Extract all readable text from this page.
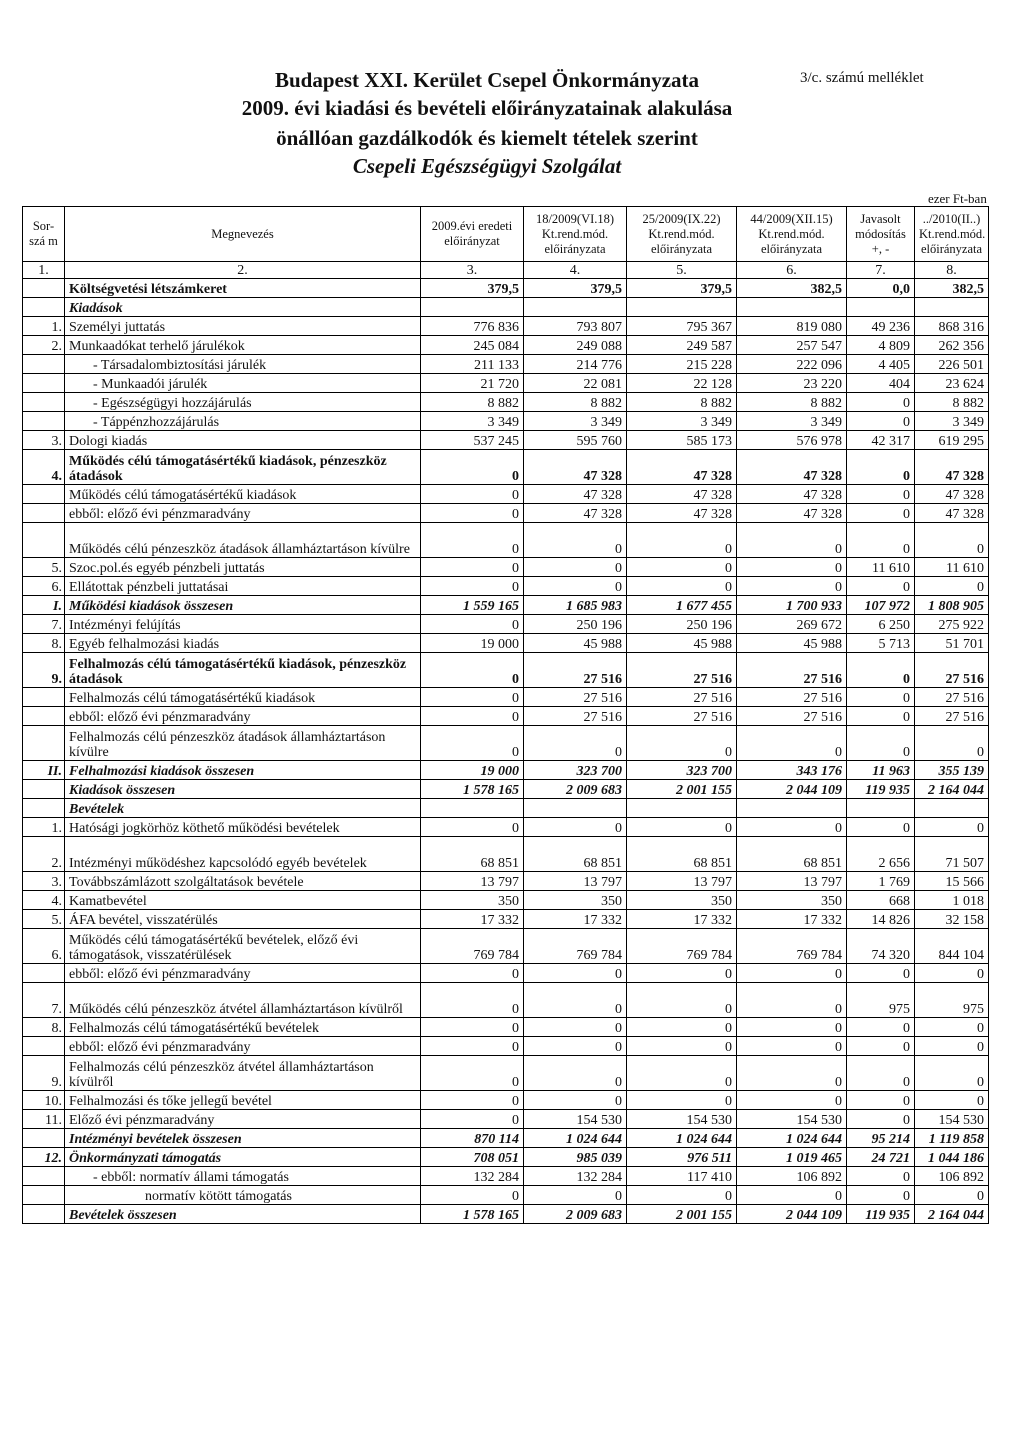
Budapest XXI. Kerület Csepel Önkormányzata
2009. évi kiadási és bevételi előirányzatainak alakulása
önállóan gazdálkodók és kiemelt tételek szerint
Csepeli Egészségügyi Szolgálat
3/c. számú melléklet
ezer Ft-ban
Sor-szá m	Megnevezés	2009.évi eredeti előirányzat	18/2009(VI.18) Kt.rend.mód. előirányzata	25/2009(IX.22) Kt.rend.mód. előirányzata	44/2009(XII.15) Kt.rend.mód. előirányzata	Javasolt módosítás +, -	../2010(II..) Kt.rend.mód. előirányzata
1.	2.	3.	4.	5.	6.	7.	8.
	Költségvetési létszámkeret	379,5	379,5	379,5	382,5	0,0	382,5
	Kiadások						
1.	Személyi juttatás	776 836	793 807	795 367	819 080	49 236	868 316
2.	Munkaadókat terhelő járulékok	245 084	249 088	249 587	257 547	4 809	262 356
	- Társadalombiztosítási járulék	211 133	214 776	215 228	222 096	4 405	226 501
	- Munkaadói járulék	21 720	22 081	22 128	23 220	404	23 624
	- Egészségügyi hozzájárulás	8 882	8 882	8 882	8 882	0	8 882
	- Táppénzhozzájárulás	3 349	3 349	3 349	3 349	0	3 349
3.	Dologi kiadás	537 245	595 760	585 173	576 978	42 317	619 295
4.	Működés célú támogatásértékű kiadások, pénzeszköz átadások	0	47 328	47 328	47 328	0	47 328
	Működés célú támogatásértékű kiadások	0	47 328	47 328	47 328	0	47 328
	ebből: előző évi pénzmaradvány	0	47 328	47 328	47 328	0	47 328
	Működés célú pénzeszköz átadások államháztartáson kívülre	0	0	0	0	0	0
5.	Szoc.pol.és egyéb pénzbeli juttatás	0	0	0	0	11 610	11 610
6.	Ellátottak pénzbeli juttatásai	0	0	0	0	0	0
I.	Működési kiadások összesen	1 559 165	1 685 983	1 677 455	1 700 933	107 972	1 808 905
7.	Intézményi felújítás	0	250 196	250 196	269 672	6 250	275 922
8.	Egyéb felhalmozási kiadás	19 000	45 988	45 988	45 988	5 713	51 701
9.	Felhalmozás célú támogatásértékű kiadások, pénzeszköz átadások	0	27 516	27 516	27 516	0	27 516
	Felhalmozás célú támogatásértékű kiadások	0	27 516	27 516	27 516	0	27 516
	ebből: előző évi pénzmaradvány	0	27 516	27 516	27 516	0	27 516
	Felhalmozás célú pénzeszköz átadások államháztartáson kívülre	0	0	0	0	0	0
II.	Felhalmozási kiadások összesen	19 000	323 700	323 700	343 176	11 963	355 139
	Kiadások összesen	1 578 165	2 009 683	2 001 155	2 044 109	119 935	2 164 044
	Bevételek						
1.	Hatósági jogkörhöz köthető működési bevételek	0	0	0	0	0	0
2.	Intézményi működéshez kapcsolódó egyéb bevételek	68 851	68 851	68 851	68 851	2 656	71 507
3.	Továbbszámlázott szolgáltatások bevétele	13 797	13 797	13 797	13 797	1 769	15 566
4.	Kamatbevétel	350	350	350	350	668	1 018
5.	ÁFA bevétel, visszatérülés	17 332	17 332	17 332	17 332	14 826	32 158
6.	Működés célú támogatásértékű bevételek, előző évi támogatások, visszatérülések	769 784	769 784	769 784	769 784	74 320	844 104
	ebből: előző évi pénzmaradvány	0	0	0	0	0	0
7.	Működés célú pénzeszköz átvétel államháztartáson kívülről	0	0	0	0	975	975
8.	Felhalmozás célú támogatásértékű bevételek	0	0	0	0	0	0
	ebből: előző évi pénzmaradvány	0	0	0	0	0	0
9.	Felhalmozás célú pénzeszköz átvétel államháztartáson kívülről	0	0	0	0	0	0
10.	Felhalmozási és tőke jellegű bevétel	0	0	0	0	0	0
11.	Előző évi pénzmaradvány	0	154 530	154 530	154 530	0	154 530
	Intézményi bevételek összesen	870 114	1 024 644	1 024 644	1 024 644	95 214	1 119 858
12.	Önkormányzati támogatás	708 051	985 039	976 511	1 019 465	24 721	1 044 186
	- ebből: normatív állami támogatás	132 284	132 284	117 410	106 892	0	106 892
	normatív kötött támogatás	0	0	0	0	0	0
	Bevételek összesen	1 578 165	2 009 683	2 001 155	2 044 109	119 935	2 164 044
